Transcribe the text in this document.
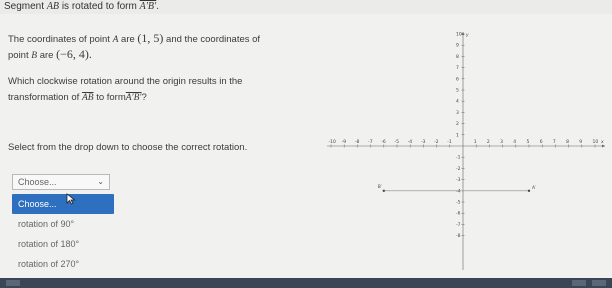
Segment AB is rotated to form A′B′.
The coordinates of point A are (1, 5) and the coordinates of
point B are (−6, 4).
Which clockwise rotation around the origin results in the
transformation of $\overline{AB}$ to formA′B′?
Select from the drop down to choose the correct rotation.
Choose...	⌄
Choose...
rotation of 90°
rotation of 180°
rotation of 270°
-10 -9 -8 -7 -6 -5 -4 -3 -2 -1	1 2 3 4 5 6 7 8 9 10
10
9
8
7
6
5
4
3
2
1
-1
-2
-3
-4
-5
-6
-7
-8
y
x
A′
B′
